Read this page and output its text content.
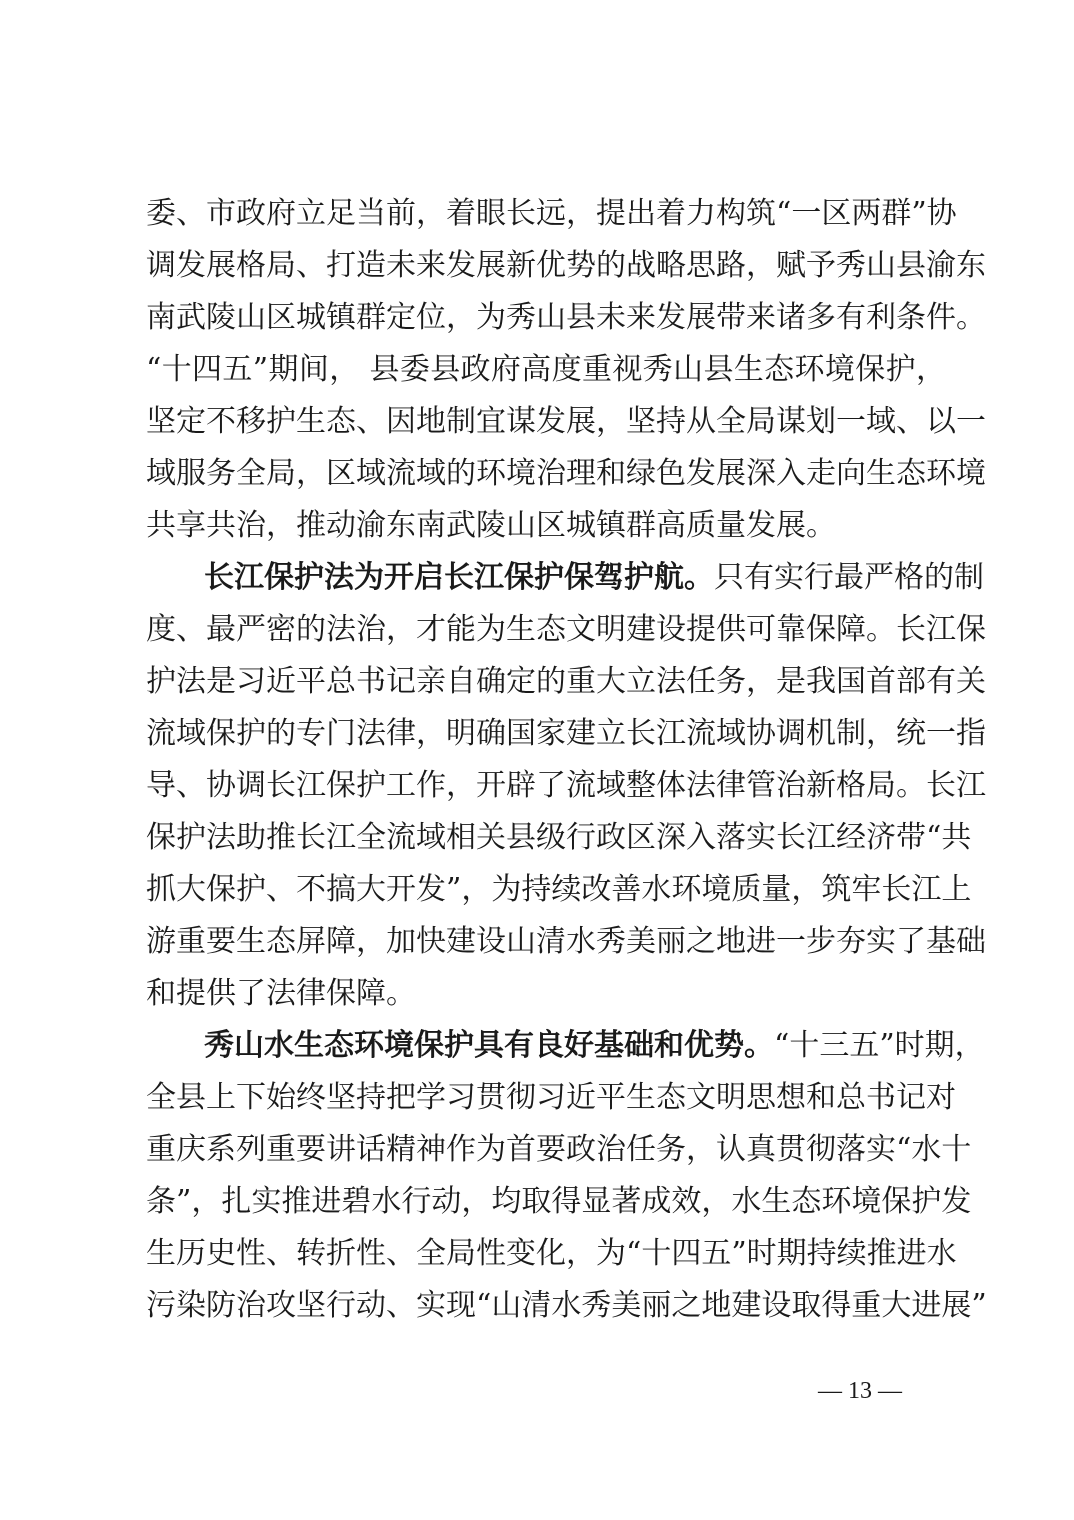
委、市政府立足当前，着眼长远，提出着力构筑“一区两群”协
调发展格局、打造未来发展新优势的战略思路，赋予秀山县渝东
南武陵山区城镇群定位，为秀山县未来发展带来诸多有利条件。
“十四五”期间， 县委县政府高度重视秀山县生态环境保护，
坚定不移护生态、因地制宜谋发展，坚持从全局谋划一域、以一
域服务全局，区域流域的环境治理和绿色发展深入走向生态环境
共享共治，推动渝东南武陵山区城镇群高质量发展。
长江保护法为开启长江保护保驾护航。只有实行最严格的制
度、最严密的法治，才能为生态文明建设提供可靠保障。长江保
护法是习近平总书记亲自确定的重大立法任务，是我国首部有关
流域保护的专门法律，明确国家建立长江流域协调机制，统一指
导、协调长江保护工作，开辟了流域整体法律管治新格局。长江
保护法助推长江全流域相关县级行政区深入落实长江经济带“共
抓大保护、不搞大开发”，为持续改善水环境质量，筑牢长江上
游重要生态屏障，加快建设山清水秀美丽之地进一步夯实了基础
和提供了法律保障。
秀山水生态环境保护具有良好基础和优势。“十三五”时期，
全县上下始终坚持把学习贯彻习近平生态文明思想和总书记对
重庆系列重要讲话精神作为首要政治任务，认真贯彻落实“水十
条”，扎实推进碧水行动，均取得显著成效，水生态环境保护发
生历史性、转折性、全局性变化，为“十四五”时期持续推进水
污染防治攻坚行动、实现“山清水秀美丽之地建设取得重大进展”
— 13 —
